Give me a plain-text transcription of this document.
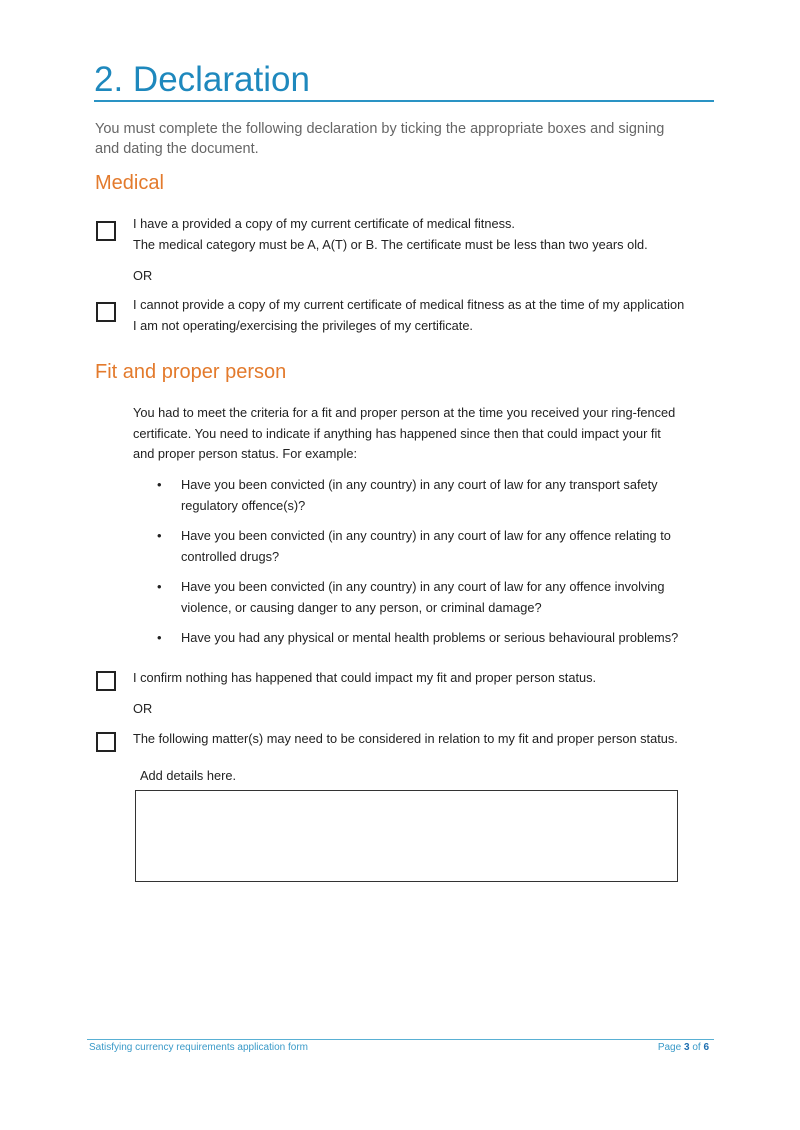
2. Declaration
You must complete the following declaration by ticking the appropriate boxes and signing
and dating the document.
Medical
I have a provided a copy of my current certificate of medical fitness.
The medical category must be A, A(T) or B. The certificate must be less than two years old.
OR
I cannot provide a copy of my current certificate of medical fitness as at the time of my application
I am not operating/exercising the privileges of my certificate.
Fit and proper person
You had to meet the criteria for a fit and proper person at the time you received your ring-fenced
certificate. You need to indicate if anything has happened since then that could impact your fit
and proper person status. For example:
• Have you been convicted (in any country) in any court of law for any transport safety
regulatory offence(s)?
• Have you been convicted (in any country) in any court of law for any offence relating to
controlled drugs?
• Have you been convicted (in any country) in any court of law for any offence involving
violence, or causing danger to any person, or criminal damage?
• Have you had any physical or mental health problems or serious behavioural problems?
I confirm nothing has happened that could impact my fit and proper person status.
OR
The following matter(s) may need to be considered in relation to my fit and proper person status.
Add details here.
Satisfying currency requirements application form	Page 3 of 6
